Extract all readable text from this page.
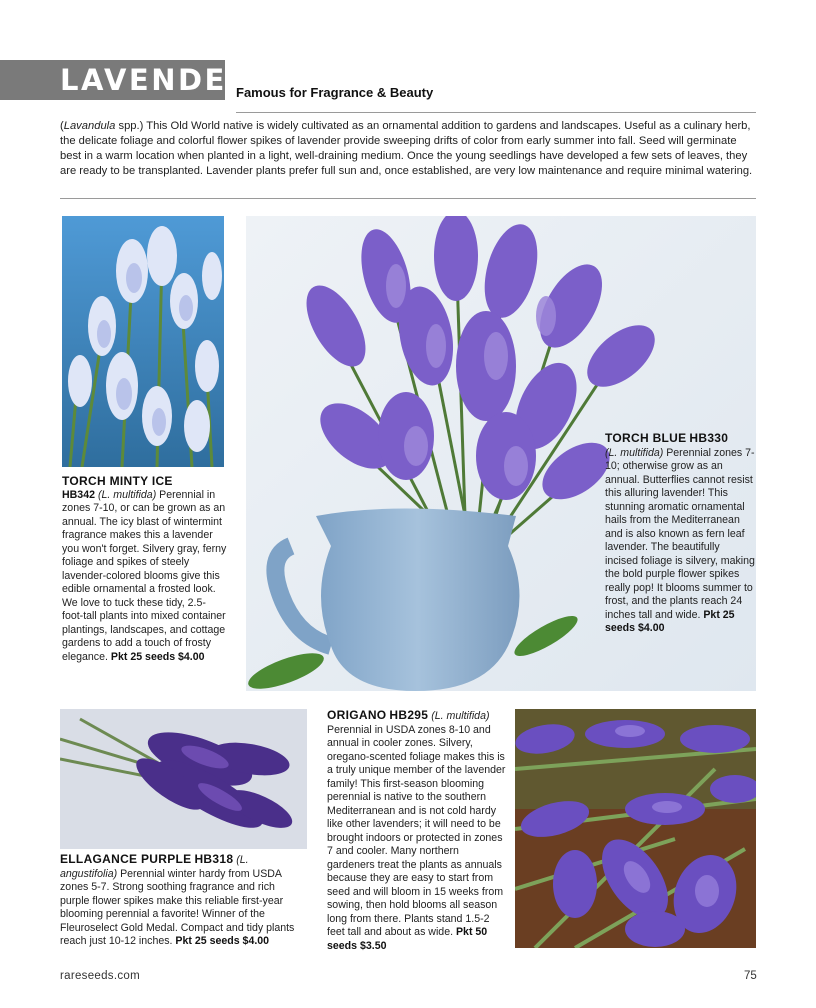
LAVENDER
Famous for Fragrance & Beauty

(Lavandula spp.) This Old World native is widely cultivated as an ornamental addition to gardens and landscapes. Useful as a culinary herb, the delicate foliage and colorful flower spikes of lavender provide sweeping drifts of color from early summer into fall. Seed will germinate best in a warm location when planted in a light, well-draining medium. Once the young seedlings have developed a few sets of leaves, they are ready to be transplanted. Lavender plants prefer full sun and, once established, are very low maintenance and require minimal watering.

TORCH MINTY ICE
HB342 (L. multifida) Perennial in zones 7-10, or can be grown as an annual. The icy blast of wintermint fragrance makes this a lavender you won't forget. Silvery gray, ferny foliage and spikes of steely lavender-colored blooms give this edible ornamental a frosted look. We love to tuck these tidy, 2.5-foot-tall plants into mixed container plantings, landscapes, and cottage gardens to add a touch of frosty elegance. Pkt 25 seeds $4.00
TORCH BLUE HB330
(L. multifida) Perennial zones 7-10; otherwise grow as an annual. Butterflies cannot resist this alluring lavender! This stunning aromatic ornamental hails from the Mediterranean and is also known as fern leaf lavender. The beautifully incised foliage is silvery, making the bold purple flower spikes really pop! It blooms summer to frost, and the plants reach 24 inches tall and wide. Pkt 25 seeds $4.00
ELLAGANCE PURPLE HB318 (L. angustifolia) Perennial winter hardy from USDA zones 5-7. Strong soothing fragrance and rich purple flower spikes make this reliable first-year blooming perennial a favorite! Winner of the Fleuroselect Gold Medal. Compact and tidy plants reach just 10-12 inches. Pkt 25 seeds $4.00
ORIGANO HB295 (L. multifida) Perennial in USDA zones 8-10 and annual in cooler zones. Silvery, oregano-scented foliage makes this is a truly unique member of the lavender family! This first-season blooming perennial is native to the southern Mediterranean and is not cold hardy like other lavenders; it will need to be brought indoors or protected in zones 7 and cooler. Many northern gardeners treat the plants as annuals because they are easy to start from seed and will bloom in 15 weeks from sowing, then hold blooms all season long from there. Plants stand 1.5-2 feet tall and about as wide. Pkt 50 seeds $3.50
rareseeds.com	75
